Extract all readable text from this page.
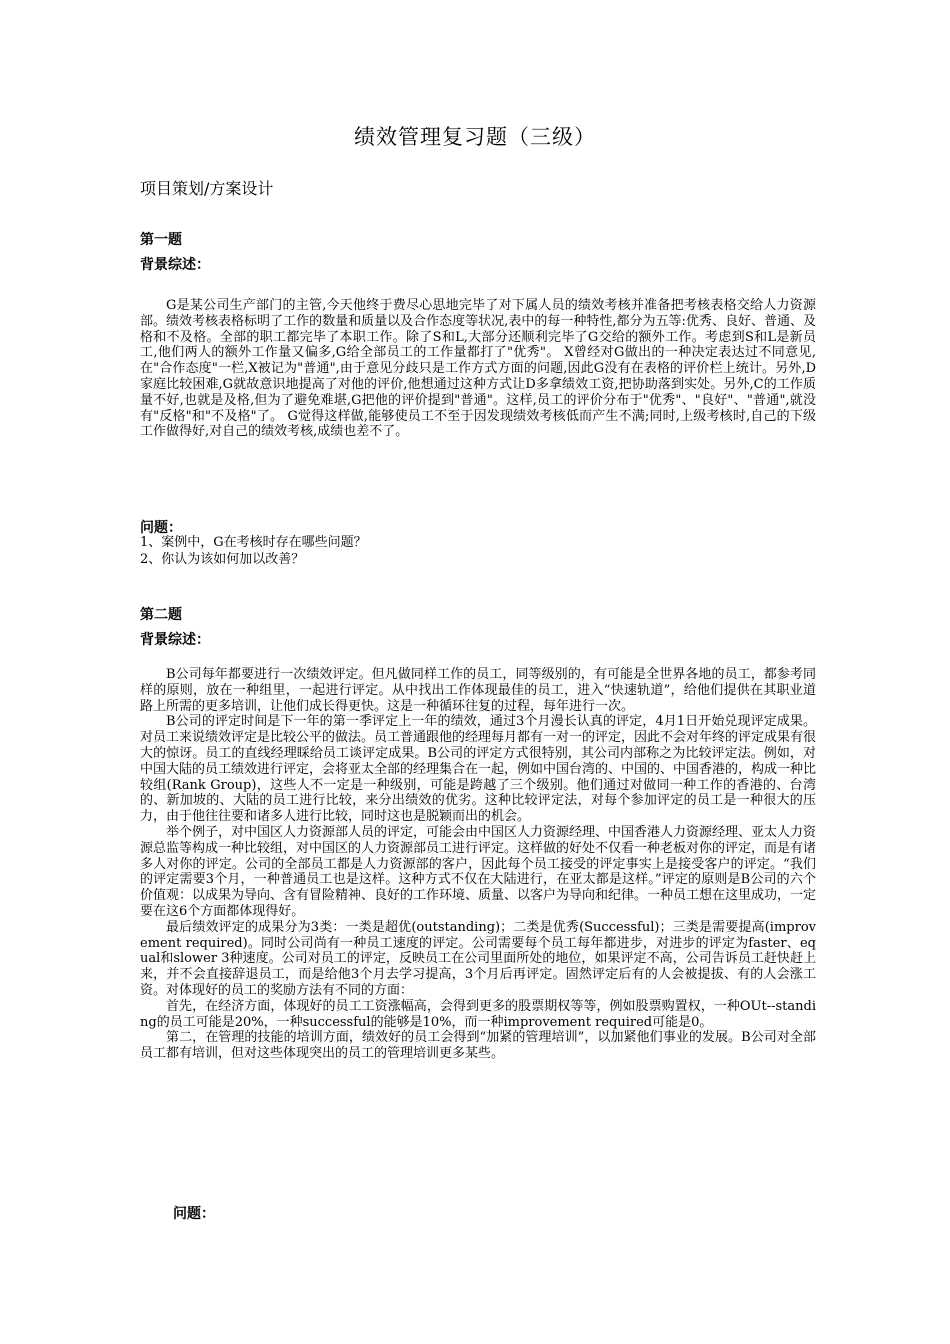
绩效管理复习题（三级）
项目策划/方案设计
第一题
背景综述：

G是某公司生产部门的主管,今天他终于费尽心思地完毕了对下属人员的绩效考核并准备把考核表格交给人力资源部。绩效考核表格标明了工作的数量和质量以及合作态度等状况,表中的每一种特性,都分为五等:优秀、良好、普通、及格和不及格。全部的职工都完毕了本职工作。除了S和L,大部分还顺利完毕了G交给的额外工作。考虑到S和L是新员工,他们两人的额外工作量又偏多,G给全部员工的工作量都打了"优秀"。 X曾经对G做出的一种决定表达过不同意见,在"合作态度"一栏,X被记为"普通",由于意见分歧只是工作方式方面的问题,因此G没有在表格的评价栏上统计。另外,D家庭比较困难,G就故意识地提高了对他的评价,他想通过这种方式让D多拿绩效工资,把协助落到实处。另外,C的工作质量不好,也就是及格,但为了避免难堪,G把他的评价提到"普通"。这样,员工的评价分布于"优秀"、"良好"、"普通",就没有"反格"和"不及格"了。 G觉得这样做,能够使员工不至于因发现绩效考核低而产生不满;同时,上级考核时,自己的下级工作做得好,对自己的绩效考核,成绩也差不了。

问题：
1、案例中，G在考核时存在哪些问题？
2、你认为该如何加以改善？
第二题
背景综述：

B公司每年都要进行一次绩效评定。但凡做同样工作的员工，同等级别的，有可能是全世界各地的员工，都参考同样的原则，放在一种组里，一起进行评定。从中找出工作体现最佳的员工，进入“快速轨道”，给他们提供在其职业道路上所需的更多培训，让他们成长得更快。这是一种循环往复的过程，每年进行一次。

B公司的评定时间是下一年的第一季评定上一年的绩效，通过3个月漫长认真的评定，4月1日开始兑现评定成果。对员工来说绩效评定是比较公平的做法。员工普通跟他的经理每月都有一对一的评定，因此不会对年终的评定成果有很大的惊讶。员工的直线经理睬给员工谈评定成果。B公司的评定方式很特别，其公司内部称之为比较评定法。例如，对中国大陆的员工绩效进行评定，会将亚太全部的经理集合在一起，例如中国台湾的、中国的、中国香港的，构成一种比较组(Rank Group)，这些人不一定是一种级别，可能是跨越了三个级别。他们通过对做同一种工作的香港的、台湾的、新加坡的、大陆的员工进行比较，来分出绩效的优劣。这种比较评定法，对每个参加评定的员工是一种很大的压力，由于他往往要和诸多人进行比较，同时这也是脱颖而出的机会。

举个例子，对中国区人力资源部人员的评定，可能会由中国区人力资源经理、中国香港人力资源经理、亚太人力资源总监等构成一种比较组，对中国区的人力资源部员工进行评定。这样做的好处不仅看一种老板对你的评定，而是有诸多人对你的评定。公司的全部员工都是人力资源部的客户，因此每个员工接受的评定事实上是接受客户的评定。“我们的评定需要3个月，一种普通员工也是这样。这种方式不仅在大陆进行，在亚太都是这样。”评定的原则是B公司的六个价值观：以成果为导向、含有冒险精神、良好的工作环境、质量、以客户为导向和纪律。一种员工想在这里成功，一定要在这6个方面都体现得好。

最后绩效评定的成果分为3类：一类是超优(outstanding)；二类是优秀(Successful)；三类是需要提高(improvement required)。同时公司尚有一种员工速度的评定。公司需要每个员工每年都进步，对进步的评定为faster、equal和slower 3种速度。公司对员工的评定，反映员工在公司里面所处的地位，如果评定不高，公司告诉员工赶快赶上来，并不会直接辞退员工，而是给他3个月去学习提高，3个月后再评定。固然评定后有的人会被提拔、有的人会涨工资。对体现好的员工的奖励方法有不同的方面：

首先，在经济方面，体现好的员工工资涨幅高，会得到更多的股票期权等等，例如股票购置权，一种OUt--standing的员工可能是20%，一种successful的能够是10%，而一种improvement required可能是0。

第二，在管理的技能的培训方面，绩效好的员工会得到“加紧的管理培训”，以加紧他们事业的发展。B公司对全部员工都有培训，但对这些体现突出的员工的管理培训更多某些。

问题：
